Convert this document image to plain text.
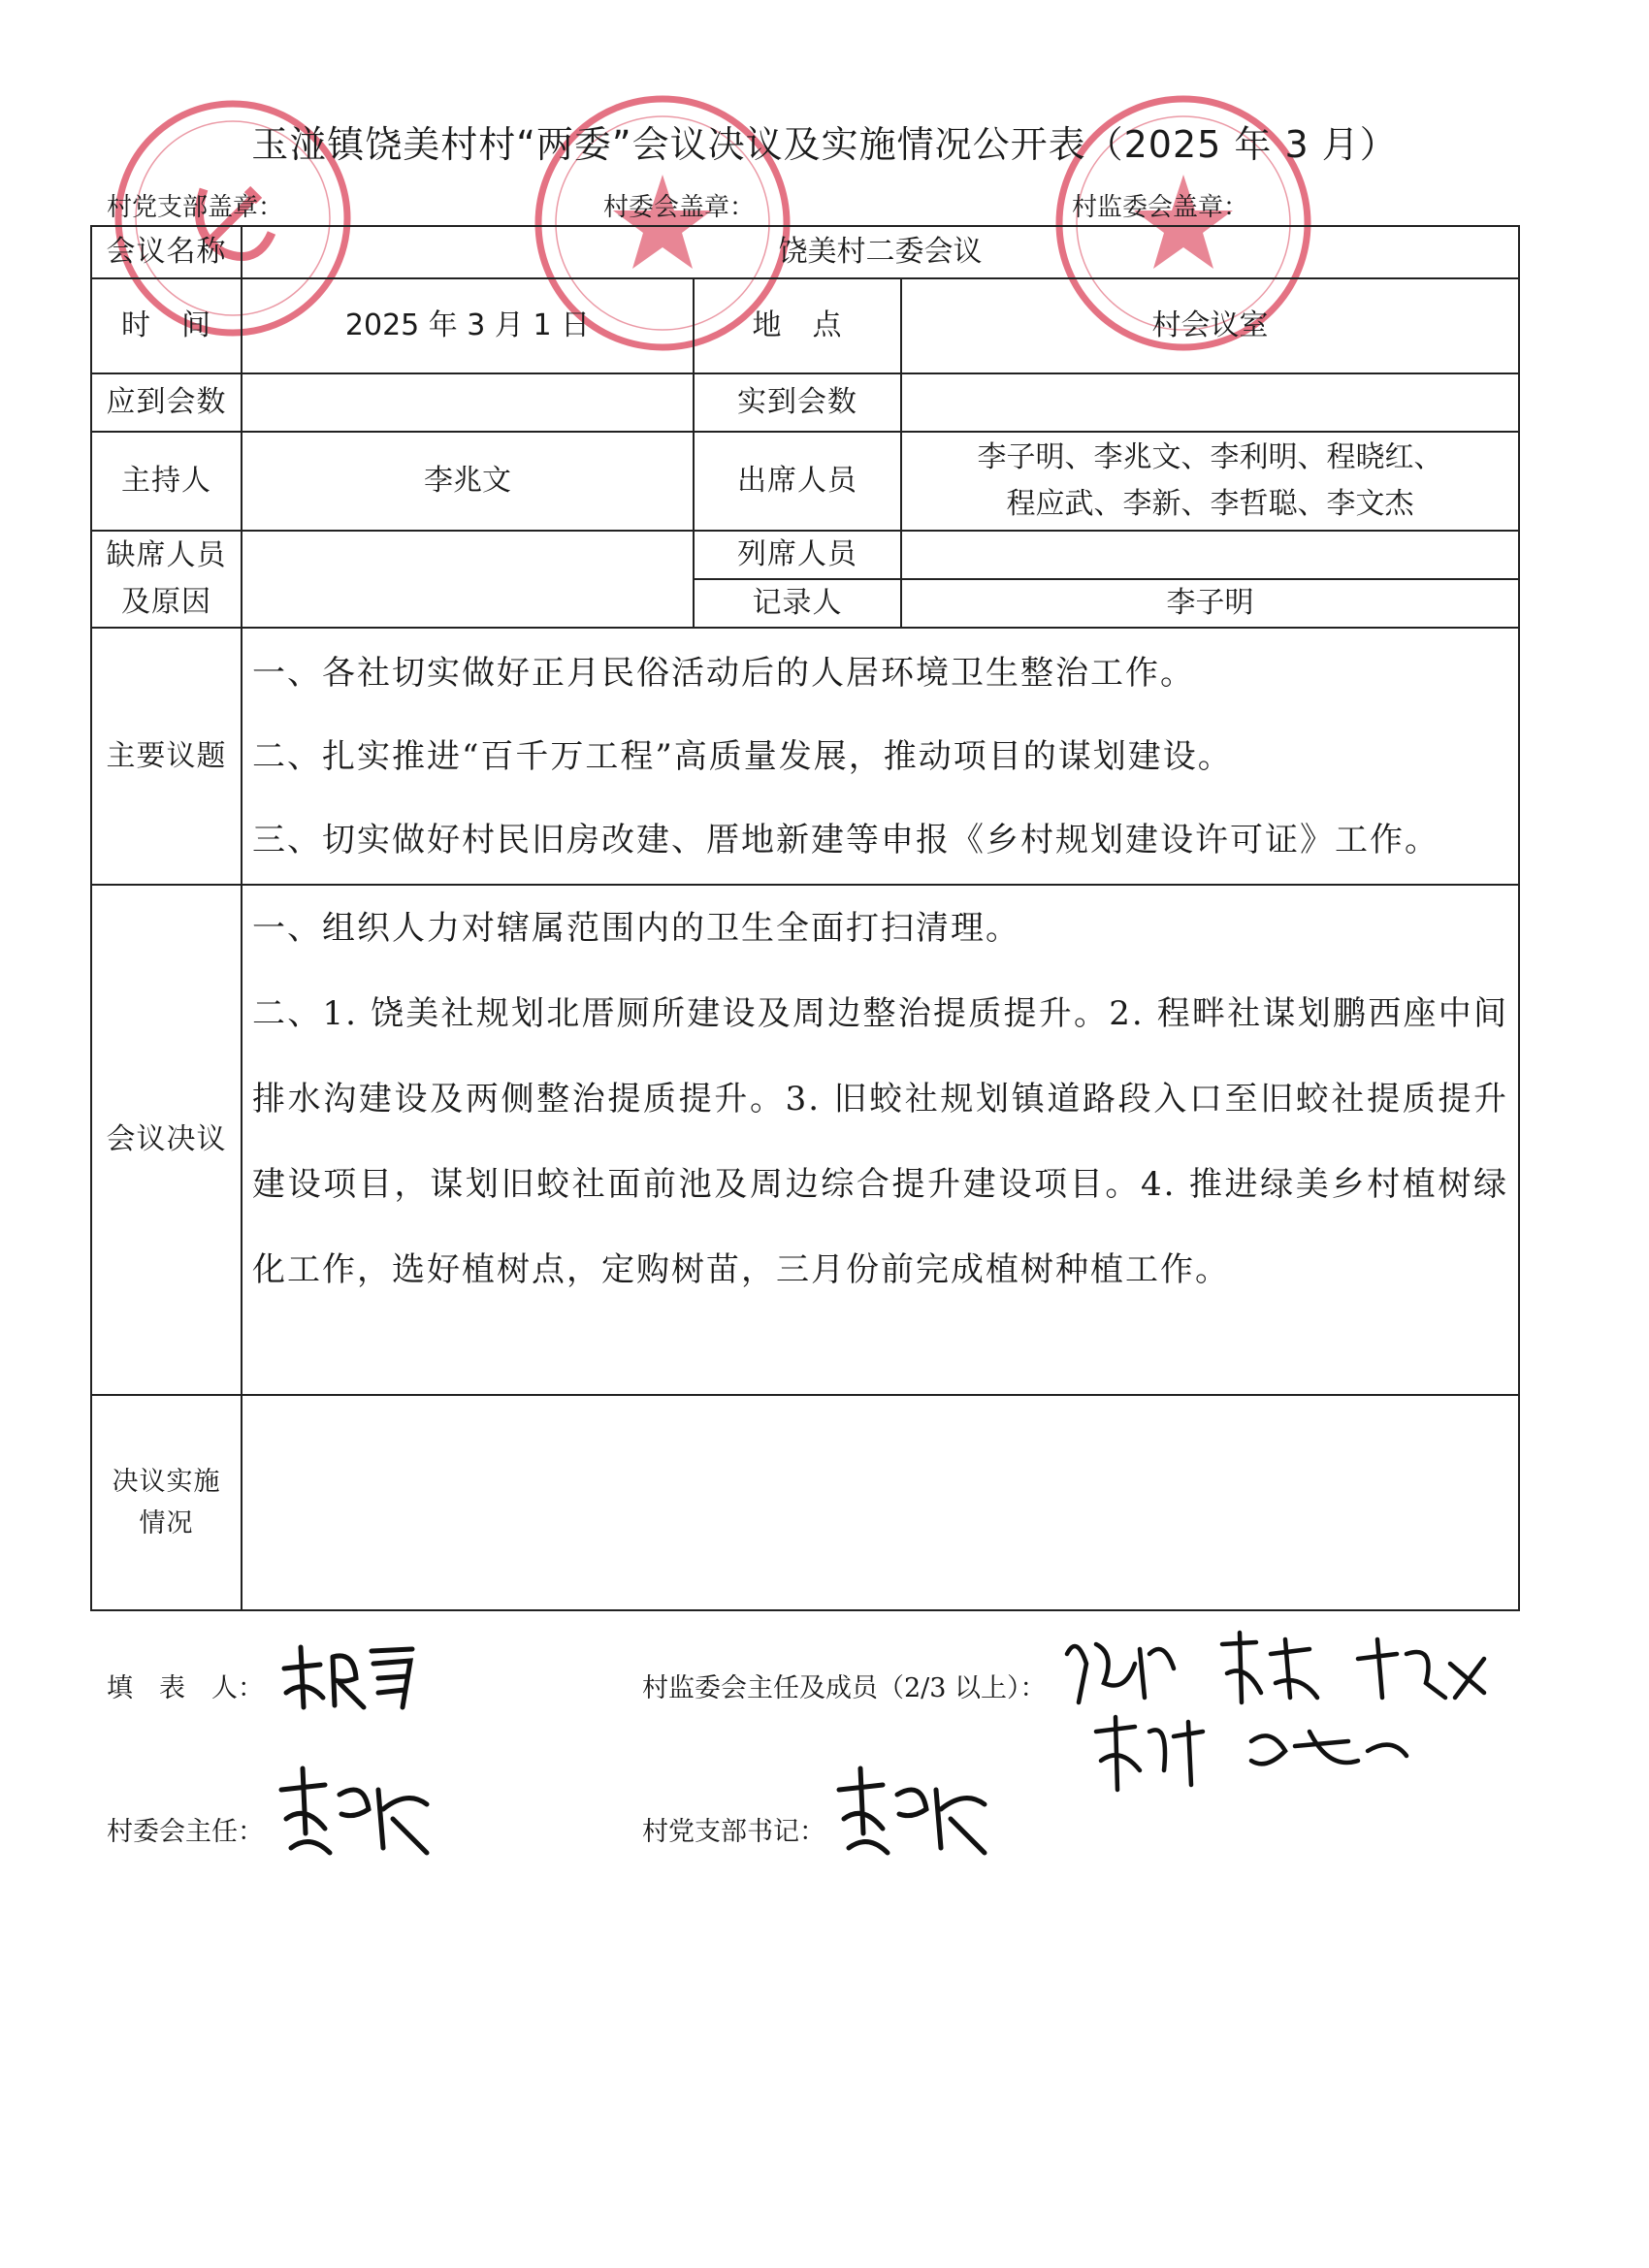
玉湴镇饶美村村“两委”会议决议及实施情况公开表（2025 年 3 月）
村党支部盖章：	村委会盖章：	村监委会盖章：
会议名称	饶美村二委会议		
时　间	2025 年 3 月 1 日	地　点	村会议室
应到会数		实到会数	
主持人	李兆文	出席人员	李子明、李兆文、李利明、程晓红、
程应武、李新、李哲聪、李文杰

缺席人员
及原因		列席人员	
		记录人	李子明
主要议题	一、各社切实做好正月民俗活动后的人居环境卫生整治工作。

二、扎实推进“百千万工程”高质量发展，推动项目的谋划建设。

三、切实做好村民旧房改建、厝地新建等申报《乡村规划建设许可证》工作。		

会议决议	一、组织人力对辖属范围内的卫生全面打扫清理。

二、1. 饶美社规划北厝厕所建设及周边整治提质提升。2. 程畔社谋划鹏西座中间排水沟建设及两侧整治提质提升。3. 旧蛟社规划镇道路段入口至旧蛟社提质提升建设项目，谋划旧蛟社面前池及周边综合提升建设项目。4. 推进绿美乡村植树绿化工作，选好植树点，定购树苗，三月份前完成植树种植工作。		

决议实施
情况			

填　表　人：	村监委会主任及成员（2/3 以上）：
村委会主任：	村党支部书记：
